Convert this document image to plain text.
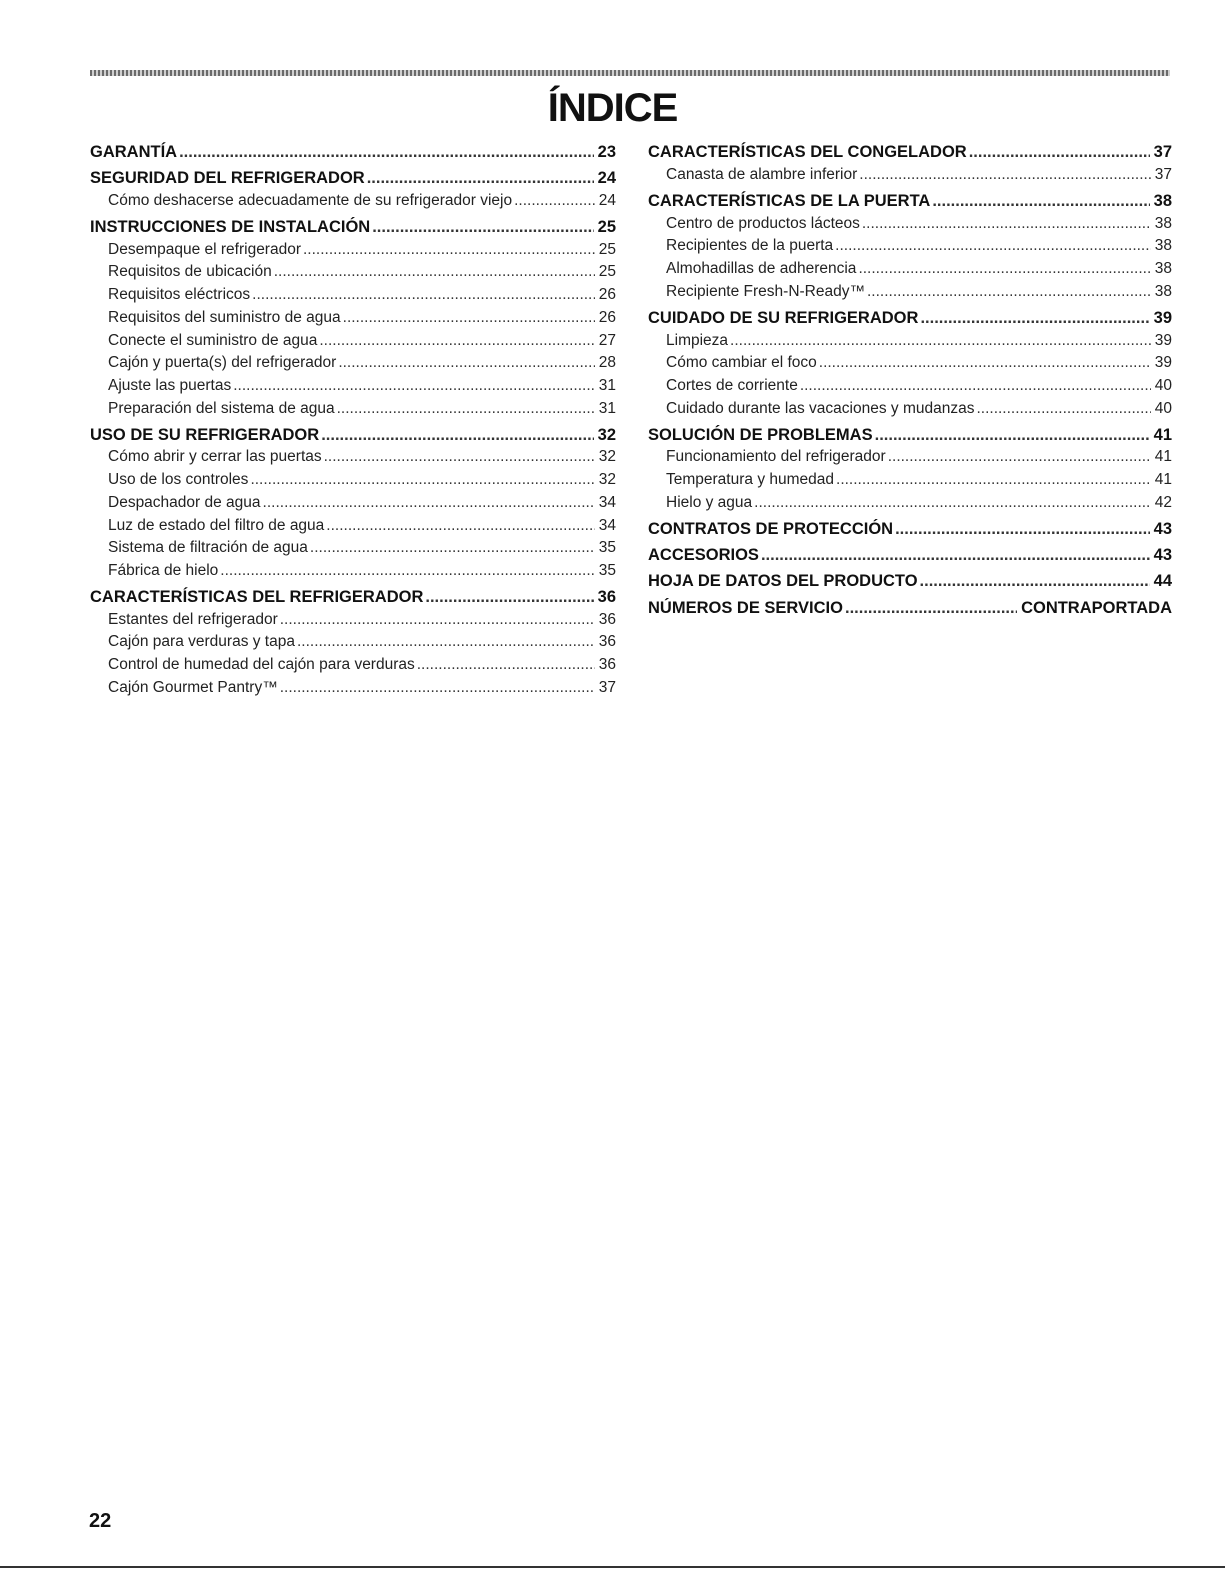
ÍNDICE
GARANTÍA .....	23
SEGURIDAD DEL REFRIGERADOR .....	24
Cómo deshacerse adecuadamente de su refrigerador viejo .....	24
INSTRUCCIONES DE INSTALACIÓN .....	25
Desempaque el refrigerador .....	25
Requisitos de ubicación .....	25
Requisitos eléctricos .....	26
Requisitos del suministro de agua .....	26
Conecte el suministro de agua .....	27
Cajón y puerta(s) del refrigerador .....	28
Ajuste las puertas .....	31
Preparación del sistema de agua .....	31
USO DE SU REFRIGERADOR .....	32
Cómo abrir y cerrar las puertas .....	32
Uso de los controles .....	32
Despachador de agua .....	34
Luz de estado del filtro de agua .....	34
Sistema de filtración de agua .....	35
Fábrica de hielo .....	35
CARACTERÍSTICAS DEL REFRIGERADOR .....	36
Estantes del refrigerador .....	36
Cajón para verduras y tapa .....	36
Control de humedad del cajón para verduras .....	36
Cajón Gourmet Pantry™ .....	37
CARACTERÍSTICAS DEL CONGELADOR .....	37
Canasta de alambre inferior .....	37
CARACTERÍSTICAS DE LA PUERTA .....	38
Centro de productos lácteos .....	38
Recipientes de la puerta .....	38
Almohadillas de adherencia .....	38
Recipiente Fresh-N-Ready™ .....	38
CUIDADO DE SU REFRIGERADOR .....	39
Limpieza .....	39
Cómo cambiar el foco .....	39
Cortes de corriente .....	40
Cuidado durante las vacaciones y mudanzas .....	40
SOLUCIÓN DE PROBLEMAS .....	41
Funcionamiento del refrigerador .....	41
Temperatura y humedad .....	41
Hielo y agua .....	42
CONTRATOS DE PROTECCIÓN .....	43
ACCESORIOS .....	43
HOJA DE DATOS DEL PRODUCTO .....	44
NÚMEROS DE SERVICIO .....	CONTRAPORTADA
22
